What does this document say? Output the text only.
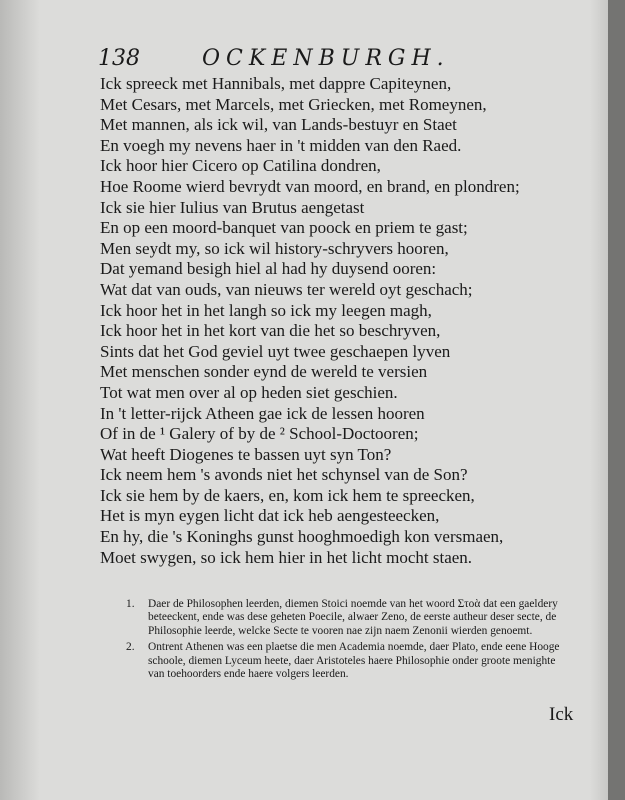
138	OCKENBURGH.
Ick spreeck met Hannibals, met dappre Capiteynen,
Met Cesars, met Marcels, met Griecken, met Romeynen,
Met mannen, als ick wil, van Lands-bestuyr en Staet
En voegh my nevens haer in 't midden van den Raed.
Ick hoor hier Cicero op Catilina dondren,
Hoe Roome wierd bevrydt van moord, en brand, en plondren;
Ick sie hier Iulius van Brutus aengetast
En op een moord-banquet van poock en priem te gast;
Men seydt my, so ick wil history-schryvers hooren,
Dat yemand besigh hiel al had hy duysend ooren:
Wat dat van ouds, van nieuws ter wereld oyt geschach;
Ick hoor het in het langh so ick my leegen magh,
Ick hoor het in het kort van die het so beschryven,
Sints dat het God geviel uyt twee geschaepen lyven
Met menschen sonder eynd de wereld te versien
Tot wat men over al op heden siet geschien.
In 't letter-rijck Atheen gae ick de lessen hooren
Of in de ¹ Galery of by de ² School-Doctooren;
Wat heeft Diogenes te bassen uyt syn Ton?
Ick neem hem 's avonds niet het schynsel van de Son?
Ick sie hem by de kaers, en, kom ick hem te spreecken,
Het is myn eygen licht dat ick heb aengesteecken,
En hy, die 's Koninghs gunst hooghmoedigh kon versmaen,
Moet swygen, so ick hem hier in het licht mocht staen.
1. Daer de Philosophen leerden, diemen Stoici noemde van het woord Στοὰ dat een gaeldery beteeckent, ende was dese geheten Poecile, alwaer Zeno, de eerste autheur deser secte, de Philosophie leerde, welcke Secte te vooren nae zijn naem Zenonii wierden genoemt.
2. Ontrent Athenen was een plaetse die men Academia noemde, daer Plato, ende eene Hooge schoole, diemen Lyceum heete, daer Aristoteles haere Philosophie onder groote menighte van toehoorders ende haere volgers leerden.
Ick
